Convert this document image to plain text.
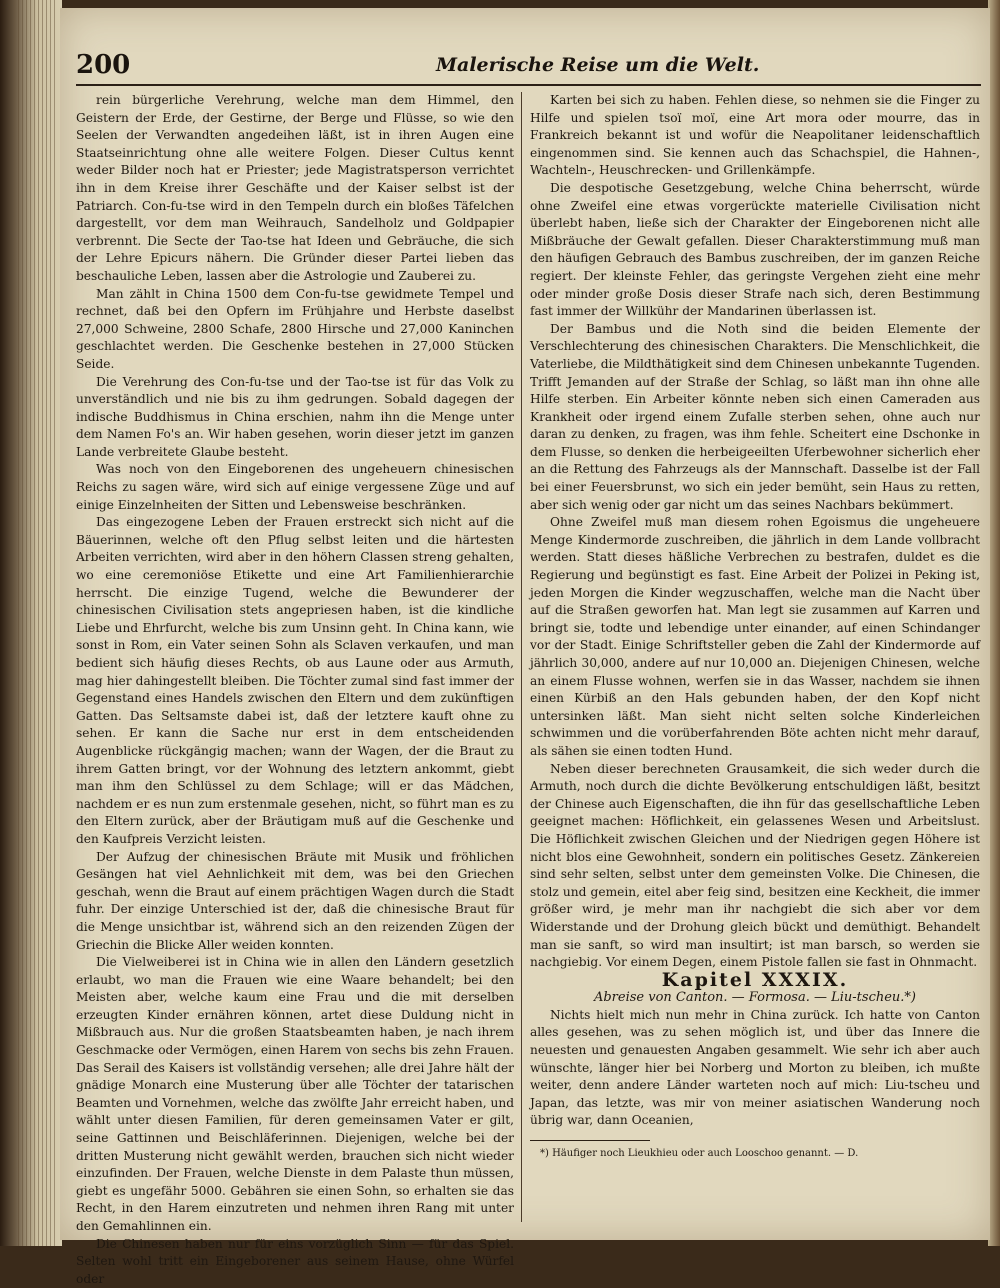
200	Malerische Reise um die Welt.

rein bürgerliche Verehrung, welche man dem Himmel, den Geistern der Erde, der Gestirne, der Berge und Flüsse, so wie den Seelen der Verwandten angedeihen läßt, ist in ihren Augen eine Staatseinrichtung ohne alle weitere Folgen. Dieser Cultus kennt weder Bilder noch hat er Priester; jede Magistratsperson verrichtet ihn in dem Kreise ihrer Geschäfte und der Kaiser selbst ist der Patriarch. Con-fu-tse wird in den Tempeln durch ein bloßes Täfelchen dargestellt, vor dem man Weihrauch, Sandelholz und Goldpapier verbrennt. Die Secte der Tao-tse hat Ideen und Gebräuche, die sich der Lehre Epicurs nähern. Die Gründer dieser Partei lieben das beschauliche Leben, lassen aber die Astrologie und Zauberei zu.

Man zählt in China 1500 dem Con-fu-tse gewidmete Tempel und rechnet, daß bei den Opfern im Frühjahre und Herbste daselbst 27,000 Schweine, 2800 Schafe, 2800 Hirsche und 27,000 Kaninchen geschlachtet werden. Die Geschenke bestehen in 27,000 Stücken Seide.

Die Verehrung des Con-fu-tse und der Tao-tse ist für das Volk zu unverständlich und nie bis zu ihm gedrungen. Sobald dagegen der indische Buddhismus in China erschien, nahm ihn die Menge unter dem Namen Fo's an. Wir haben gesehen, worin dieser jetzt im ganzen Lande verbreitete Glaube besteht.

Was noch von den Eingeborenen des ungeheuern chinesischen Reichs zu sagen wäre, wird sich auf einige vergessene Züge und auf einige Einzelnheiten der Sitten und Lebensweise beschränken.

Das eingezogene Leben der Frauen erstreckt sich nicht auf die Bäuerinnen, welche oft den Pflug selbst leiten und die härtesten Arbeiten verrichten, wird aber in den höhern Classen streng gehalten, wo eine ceremoniöse Etikette und eine Art Familienhierarchie herrscht. Die einzige Tugend, welche die Bewunderer der chinesischen Civilisation stets angepriesen haben, ist die kindliche Liebe und Ehrfurcht, welche bis zum Unsinn geht. In China kann, wie sonst in Rom, ein Vater seinen Sohn als Sclaven verkaufen, und man bedient sich häufig dieses Rechts, ob aus Laune oder aus Armuth, mag hier dahingestellt bleiben. Die Töchter zumal sind fast immer der Gegenstand eines Handels zwischen den Eltern und dem zukünftigen Gatten. Das Seltsamste dabei ist, daß der letztere kauft ohne zu sehen. Er kann die Sache nur erst in dem entscheidenden Augenblicke rückgängig machen; wann der Wagen, der die Braut zu ihrem Gatten bringt, vor der Wohnung des letztern ankommt, giebt man ihm den Schlüssel zu dem Schlage; will er das Mädchen, nachdem er es nun zum erstenmale gesehen, nicht, so führt man es zu den Eltern zurück, aber der Bräutigam muß auf die Geschenke und den Kaufpreis Verzicht leisten.

Der Aufzug der chinesischen Bräute mit Musik und fröhlichen Gesängen hat viel Aehnlichkeit mit dem, was bei den Griechen geschah, wenn die Braut auf einem prächtigen Wagen durch die Stadt fuhr. Der einzige Unterschied ist der, daß die chinesische Braut für die Menge unsichtbar ist, während sich an den reizenden Zügen der Griechin die Blicke Aller weiden konnten.

Die Vielweiberei ist in China wie in allen den Ländern gesetzlich erlaubt, wo man die Frauen wie eine Waare behandelt; bei den Meisten aber, welche kaum eine Frau und die mit derselben erzeugten Kinder ernähren können, artet diese Duldung nicht in Mißbrauch aus. Nur die großen Staatsbeamten haben, je nach ihrem Geschmacke oder Vermögen, einen Harem von sechs bis zehn Frauen. Das Serail des Kaisers ist vollständig versehen; alle drei Jahre hält der gnädige Monarch eine Musterung über alle Töchter der tatarischen Beamten und Vornehmen, welche das zwölfte Jahr erreicht haben, und wählt unter diesen Familien, für deren gemeinsamen Vater er gilt, seine Gattinnen und Beischläferinnen. Diejenigen, welche bei der dritten Musterung nicht gewählt werden, brauchen sich nicht wieder einzufinden. Der Frauen, welche Dienste in dem Palaste thun müssen, giebt es ungefähr 5000. Gebähren sie einen Sohn, so erhalten sie das Recht, in den Harem einzutreten und nehmen ihren Rang mit unter den Gemahlinnen ein.

Die Chinesen haben nur für eins vorzüglich Sinn — für das Spiel. Selten wohl tritt ein Eingeborener aus seinem Hause, ohne Würfel oder

Karten bei sich zu haben. Fehlen diese, so nehmen sie die Finger zu Hilfe und spielen tsoï moï, eine Art mora oder mourre, das in Frankreich bekannt ist und wofür die Neapolitaner leidenschaftlich eingenommen sind. Sie kennen auch das Schachspiel, die Hahnen-, Wachteln-, Heuschrecken- und Grillenkämpfe.

Die despotische Gesetzgebung, welche China beherrscht, würde ohne Zweifel eine etwas vorgerückte materielle Civilisation nicht überlebt haben, ließe sich der Charakter der Eingeborenen nicht alle Mißbräuche der Gewalt gefallen. Dieser Charakterstimmung muß man den häufigen Gebrauch des Bambus zuschreiben, der im ganzen Reiche regiert. Der kleinste Fehler, das geringste Vergehen zieht eine mehr oder minder große Dosis dieser Strafe nach sich, deren Bestimmung fast immer der Willkühr der Mandarinen überlassen ist.

Der Bambus und die Noth sind die beiden Elemente der Verschlechterung des chinesischen Charakters. Die Menschlichkeit, die Vaterliebe, die Mildthätigkeit sind dem Chinesen unbekannte Tugenden. Trifft Jemanden auf der Straße der Schlag, so läßt man ihn ohne alle Hilfe sterben. Ein Arbeiter könnte neben sich einen Cameraden aus Krankheit oder irgend einem Zufalle sterben sehen, ohne auch nur daran zu denken, zu fragen, was ihm fehle. Scheitert eine Dschonke in dem Flusse, so denken die herbeigeeilten Uferbewohner sicherlich eher an die Rettung des Fahrzeugs als der Mannschaft. Dasselbe ist der Fall bei einer Feuersbrunst, wo sich ein jeder bemüht, sein Haus zu retten, aber sich wenig oder gar nicht um das seines Nachbars bekümmert.

Ohne Zweifel muß man diesem rohen Egoismus die ungeheuere Menge Kindermorde zuschreiben, die jährlich in dem Lande vollbracht werden. Statt dieses häßliche Verbrechen zu bestrafen, duldet es die Regierung und begünstigt es fast. Eine Arbeit der Polizei in Peking ist, jeden Morgen die Kinder wegzuschaffen, welche man die Nacht über auf die Straßen geworfen hat. Man legt sie zusammen auf Karren und bringt sie, todte und lebendige unter einander, auf einen Schindanger vor der Stadt. Einige Schriftsteller geben die Zahl der Kindermorde auf jährlich 30,000, andere auf nur 10,000 an. Diejenigen Chinesen, welche an einem Flusse wohnen, werfen sie in das Wasser, nachdem sie ihnen einen Kürbiß an den Hals gebunden haben, der den Kopf nicht untersinken läßt. Man sieht nicht selten solche Kinderleichen schwimmen und die vorüberfahrenden Böte achten nicht mehr darauf, als sähen sie einen todten Hund.

Neben dieser berechneten Grausamkeit, die sich weder durch die Armuth, noch durch die dichte Bevölkerung entschuldigen läßt, besitzt der Chinese auch Eigenschaften, die ihn für das gesellschaftliche Leben geeignet machen: Höflichkeit, ein gelassenes Wesen und Arbeitslust. Die Höflichkeit zwischen Gleichen und der Niedrigen gegen Höhere ist nicht blos eine Gewohnheit, sondern ein politisches Gesetz. Zänkereien sind sehr selten, selbst unter dem gemeinsten Volke. Die Chinesen, die stolz und gemein, eitel aber feig sind, besitzen eine Keckheit, die immer größer wird, je mehr man ihr nachgiebt die sich aber vor dem Widerstande und der Drohung gleich bückt und demüthigt. Behandelt man sie sanft, so wird man insultirt; ist man barsch, so werden sie nachgiebig. Vor einem Degen, einem Pistole fallen sie fast in Ohnmacht.

Kapitel XXXIX.

Abreise von Canton. — Formosa. — Liu-tscheu.*)

Nichts hielt mich nun mehr in China zurück. Ich hatte von Canton alles gesehen, was zu sehen möglich ist, und über das Innere die neuesten und genauesten Angaben gesammelt. Wie sehr ich aber auch wünschte, länger hier bei Norberg und Morton zu bleiben, ich mußte weiter, denn andere Länder warteten noch auf mich: Liu-tscheu und Japan, das letzte, was mir von meiner asiatischen Wanderung noch übrig war, dann Oceanien,

*) Häufiger noch Lieukhieu oder auch Looschoo genannt. — D.
